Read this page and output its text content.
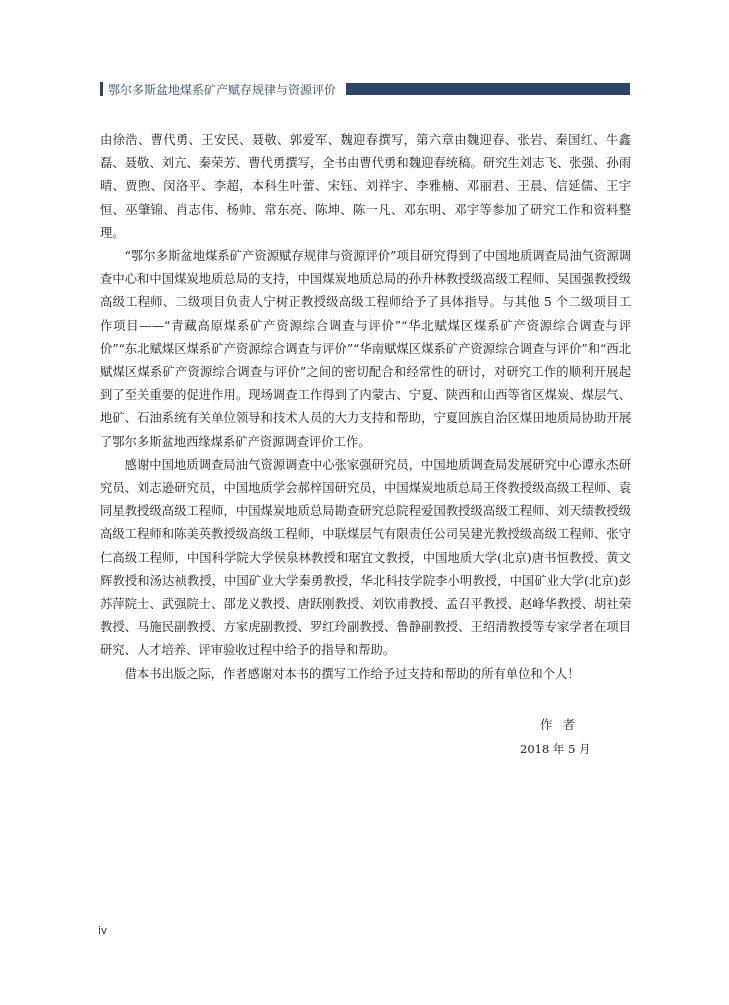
鄂尔多斯盆地煤系矿产赋存规律与资源评价

由徐浩、曹代勇、王安民、聂敬、郭爱军、魏迎春撰写，第六章由魏迎春、张岩、秦国红、牛鑫磊、聂敬、刘亢、秦荣芳、曹代勇撰写，全书由曹代勇和魏迎春统稿。研究生刘志飞、张强、孙雨晴、贾煦、闵洛平、李超，本科生叶蕾、宋钰、刘祥宇、李雅楠、邓丽君、王晨、信延儒、王宇恒、巫肇锦、肖志伟、杨帅、常东亮、陈坤、陈一凡、邓东明、邓宇等参加了研究工作和资料整理。

“鄂尔多斯盆地煤系矿产资源赋存规律与资源评价”项目研究得到了中国地质调查局油气资源调查中心和中国煤炭地质总局的支持，中国煤炭地质总局的孙升林教授级高级工程师、吴国强教授级高级工程师、二级项目负责人宁树正教授级高级工程师给予了具体指导。与其他 5 个二级项目工作项目——“青藏高原煤系矿产资源综合调查与评价”“华北赋煤区煤系矿产资源综合调查与评价”“东北赋煤区煤系矿产资源综合调查与评价”“华南赋煤区煤系矿产资源综合调查与评价”和“西北赋煤区煤系矿产资源综合调查与评价”之间的密切配合和经常性的研讨，对研究工作的顺利开展起到了至关重要的促进作用。现场调查工作得到了内蒙古、宁夏、陕西和山西等省区煤炭、煤层气、地矿、石油系统有关单位领导和技术人员的大力支持和帮助，宁夏回族自治区煤田地质局协助开展了鄂尔多斯盆地西缘煤系矿产资源调查评价工作。

感谢中国地质调查局油气资源调查中心张家强研究员，中国地质调查局发展研究中心谭永杰研究员、刘志逊研究员，中国地质学会郝梓国研究员，中国煤炭地质总局王佟教授级高级工程师、袁同星教授级高级工程师，中国煤炭地质总局勘查研究总院程爱国教授级高级工程师、刘天绩教授级高级工程师和陈美英教授级高级工程师，中联煤层气有限责任公司吴建光教授级高级工程师、张守仁高级工程师，中国科学院大学侯泉林教授和琚宜文教授，中国地质大学(北京)唐书恒教授、黄文辉教授和汤达祯教授，中国矿业大学秦勇教授，华北科技学院李小明教授，中国矿业大学(北京)彭苏萍院士、武强院士、邵龙义教授、唐跃刚教授、刘钦甫教授、孟召平教授、赵峰华教授、胡社荣教授、马施民副教授、方家虎副教授、罗红玲副教授、鲁静副教授、王绍清教授等专家学者在项目研究、人才培养、评审验收过程中给予的指导和帮助。

借本书出版之际，作者感谢对本书的撰写工作给予过支持和帮助的所有单位和个人！

作者
2018 年 5 月
iv
